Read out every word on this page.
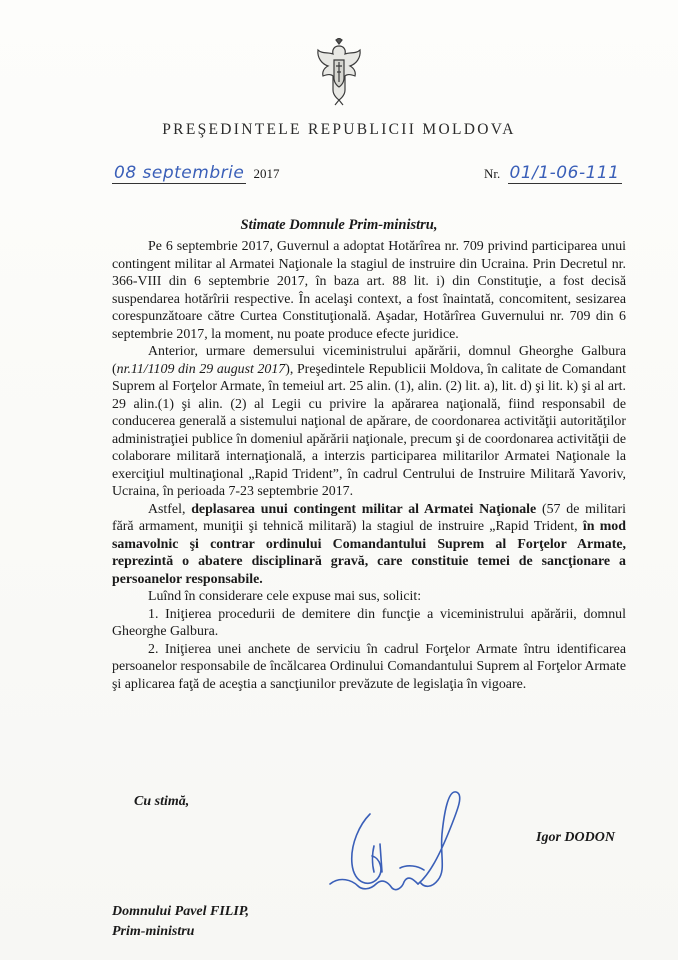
PREŞEDINTELE REPUBLICII MOLDOVA
08 septembrie 2017	Nr. 01/1-06-111
Stimate Domnule Prim-ministru,

Pe 6 septembrie 2017, Guvernul a adoptat Hotărîrea nr. 709 privind participarea unui contingent militar al Armatei Naţionale la stagiul de instruire din Ucraina. Prin Decretul nr. 366-VIII din 6 septembrie 2017, în baza art. 88 lit. i) din Constituţie, a fost decisă suspendarea hotărîrii respective. În acelaşi context, a fost înaintată, concomitent, sesizarea corespunzătoare către Curtea Constituţională. Aşadar, Hotărîrea Guvernului nr. 709 din 6 septembrie 2017, la moment, nu poate produce efecte juridice.

Anterior, urmare demersului viceministrului apărării, domnul Gheorghe Galbura (nr.11/1109 din 29 august 2017), Preşedintele Republicii Moldova, în calitate de Comandant Suprem al Forţelor Armate, în temeiul art. 25 alin. (1), alin. (2) lit. a), lit. d) şi lit. k) şi al art. 29 alin.(1) şi alin. (2) al Legii cu privire la apărarea naţională, fiind responsabil de conducerea generală a sistemului naţional de apărare, de coordonarea activităţii autorităţilor administraţiei publice în domeniul apărării naţionale, precum şi de coordonarea activităţii de colaborare militară internaţională, a interzis participarea militarilor Armatei Naţionale la exerciţiul multinaţional „Rapid Trident”, în cadrul Centrului de Instruire Militară Yavoriv, Ucraina, în perioada 7-23 septembrie 2017.

Astfel, deplasarea unui contingent militar al Armatei Naţionale (57 de militari fără armament, muniţii şi tehnică militară) la stagiul de instruire „Rapid Trident, în mod samavolnic şi contrar ordinului Comandantului Suprem al Forţelor Armate, reprezintă o abatere disciplinară gravă, care constituie temei de sancţionare a persoanelor responsabile.

Luînd în considerare cele expuse mai sus, solicit:

1. Iniţierea procedurii de demitere din funcţie a viceministrului apărării, domnul Gheorghe Galbura.

2. Iniţierea unei anchete de serviciu în cadrul Forţelor Armate întru identificarea persoanelor responsabile de încălcarea Ordinului Comandantului Suprem al Forţelor Armate şi aplicarea faţă de aceştia a sancţiunilor prevăzute de legislaţia în vigoare.

Cu stimă,
Igor DODON
Domnului Pavel FILIP,
Prim-ministru
